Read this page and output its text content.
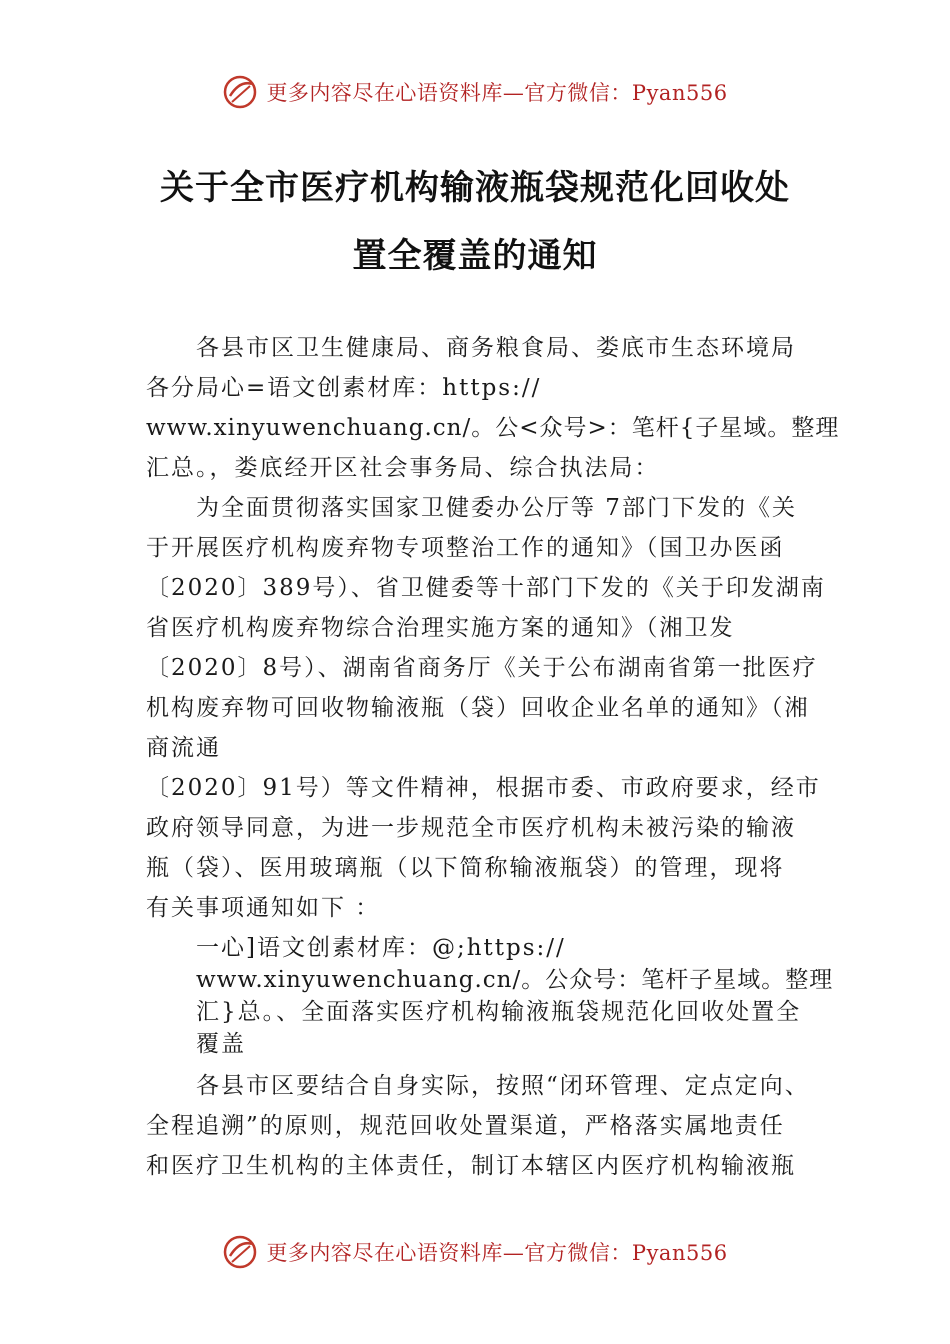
更多内容尽在心语资料库—官方微信：Pyan556
关于全市医疗机构输液瓶袋规范化回收处
置全覆盖的通知
各县市区卫生健康局、商务粮食局、娄底市生态环境局
各分局心=语文创素材库：https://
www.xinyuwenchuang.cn/。公<众号>：笔杆{子星域。整理
汇总。，娄底经开区社会事务局、综合执法局：
为全面贯彻落实国家卫健委办公厅等 7部门下发的《关
于开展医疗机构废弃物专项整治工作的通知》（国卫办医函
〔2020〕389号）、省卫健委等十部门下发的《关于印发湖南
省医疗机构废弃物综合治理实施方案的通知》（湘卫发
〔2020〕8号）、湖南省商务厅《关于公布湖南省第一批医疗
机构废弃物可回收物输液瓶（袋）回收企业名单的通知》（湘
商流通
〔2020〕91号）等文件精神，根据市委、市政府要求，经市
政府领导同意，为进一步规范全市医疗机构未被污染的输液
瓶（袋）、医用玻璃瓶（以下简称输液瓶袋）的管理，现将
有关事项通知如下 ：
一心]语文创素材库：@;https://
www.xinyuwenchuang.cn/。公众号：笔杆子星域。整理
汇}总。、全面落实医疗机构输液瓶袋规范化回收处置全
覆盖
各县市区要结合自身实际，按照“闭环管理、定点定向、
全程追溯”的原则，规范回收处置渠道，严格落实属地责任
和医疗卫生机构的主体责任，制订本辖区内医疗机构输液瓶
更多内容尽在心语资料库—官方微信：Pyan556
